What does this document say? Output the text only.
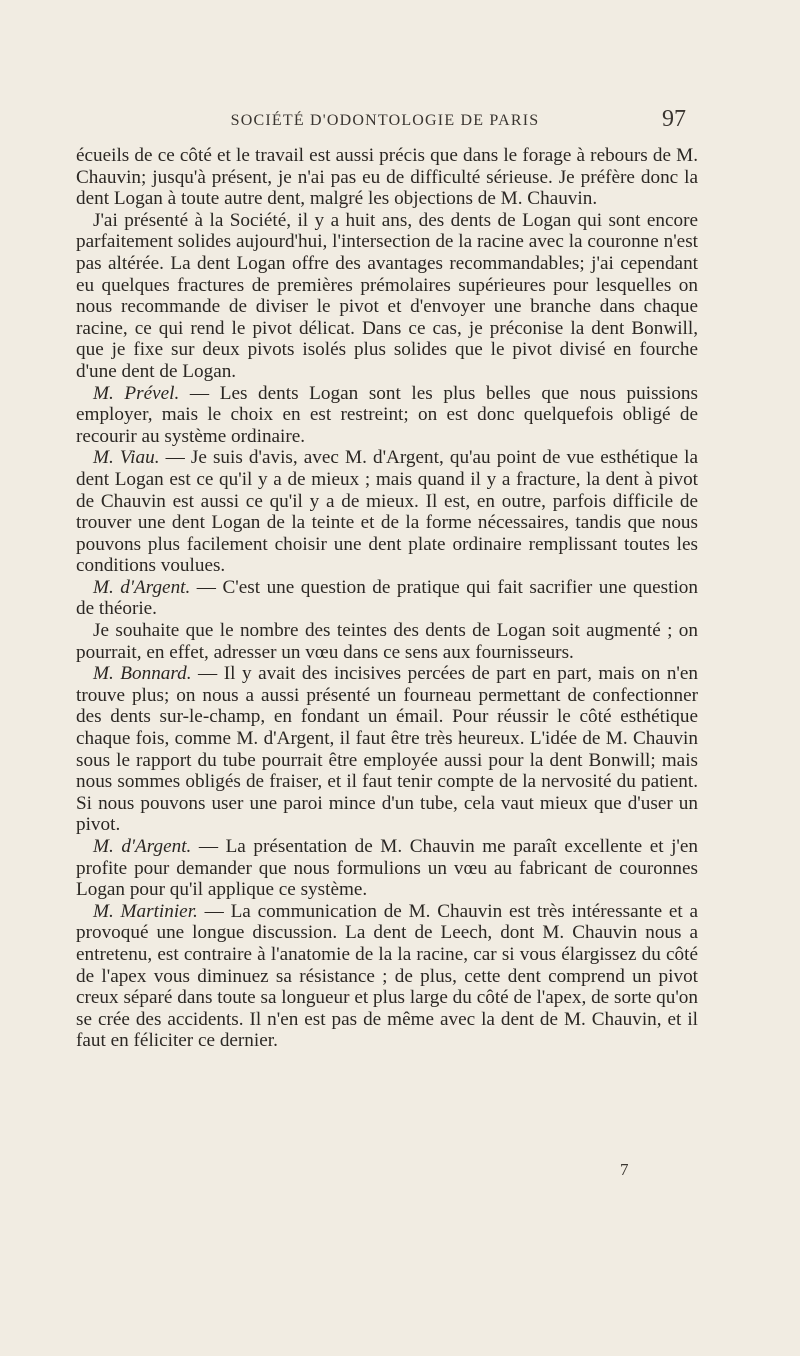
SOCIÉTÉ D'ODONTOLOGIE DE PARIS	97

écueils de ce côté et le travail est aussi précis que dans le forage à rebours de M. Chauvin; jusqu'à présent, je n'ai pas eu de difficulté sérieuse. Je préfère donc la dent Logan à toute autre dent, malgré les objections de M. Chauvin.

J'ai présenté à la Société, il y a huit ans, des dents de Logan qui sont encore parfaitement solides aujourd'hui, l'intersection de la racine avec la couronne n'est pas altérée. La dent Logan offre des avantages recommandables; j'ai cependant eu quelques fractures de premières prémolaires supérieures pour lesquelles on nous recommande de diviser le pivot et d'envoyer une branche dans chaque racine, ce qui rend le pivot délicat. Dans ce cas, je préconise la dent Bonwill, que je fixe sur deux pivots isolés plus solides que le pivot divisé en fourche d'une dent de Logan.

M. Prével. — Les dents Logan sont les plus belles que nous puissions employer, mais le choix en est restreint; on est donc quelquefois obligé de recourir au système ordinaire.

M. Viau. — Je suis d'avis, avec M. d'Argent, qu'au point de vue esthétique la dent Logan est ce qu'il y a de mieux ; mais quand il y a fracture, la dent à pivot de Chauvin est aussi ce qu'il y a de mieux. Il est, en outre, parfois difficile de trouver une dent Logan de la teinte et de la forme nécessaires, tandis que nous pouvons plus facilement choisir une dent plate ordinaire remplissant toutes les conditions voulues.

M. d'Argent. — C'est une question de pratique qui fait sacrifier une question de théorie.

Je souhaite que le nombre des teintes des dents de Logan soit augmenté ; on pourrait, en effet, adresser un vœu dans ce sens aux fournisseurs.

M. Bonnard. — Il y avait des incisives percées de part en part, mais on n'en trouve plus; on nous a aussi présenté un fourneau permettant de confectionner des dents sur-le-champ, en fondant un émail. Pour réussir le côté esthétique chaque fois, comme M. d'Argent, il faut être très heureux. L'idée de M. Chauvin sous le rapport du tube pourrait être employée aussi pour la dent Bonwill; mais nous sommes obligés de fraiser, et il faut tenir compte de la nervosité du patient. Si nous pouvons user une paroi mince d'un tube, cela vaut mieux que d'user un pivot.

M. d'Argent. — La présentation de M. Chauvin me paraît excellente et j'en profite pour demander que nous formulions un vœu au fabricant de couronnes Logan pour qu'il applique ce système.

M. Martinier. — La communication de M. Chauvin est très intéressante et a provoqué une longue discussion. La dent de Leech, dont M. Chauvin nous a entretenu, est contraire à l'anatomie de la la racine, car si vous élargissez du côté de l'apex vous diminuez sa résistance ; de plus, cette dent comprend un pivot creux séparé dans toute sa longueur et plus large du côté de l'apex, de sorte qu'on se crée des accidents. Il n'en est pas de même avec la dent de M. Chauvin, et il faut en féliciter ce dernier.

7
